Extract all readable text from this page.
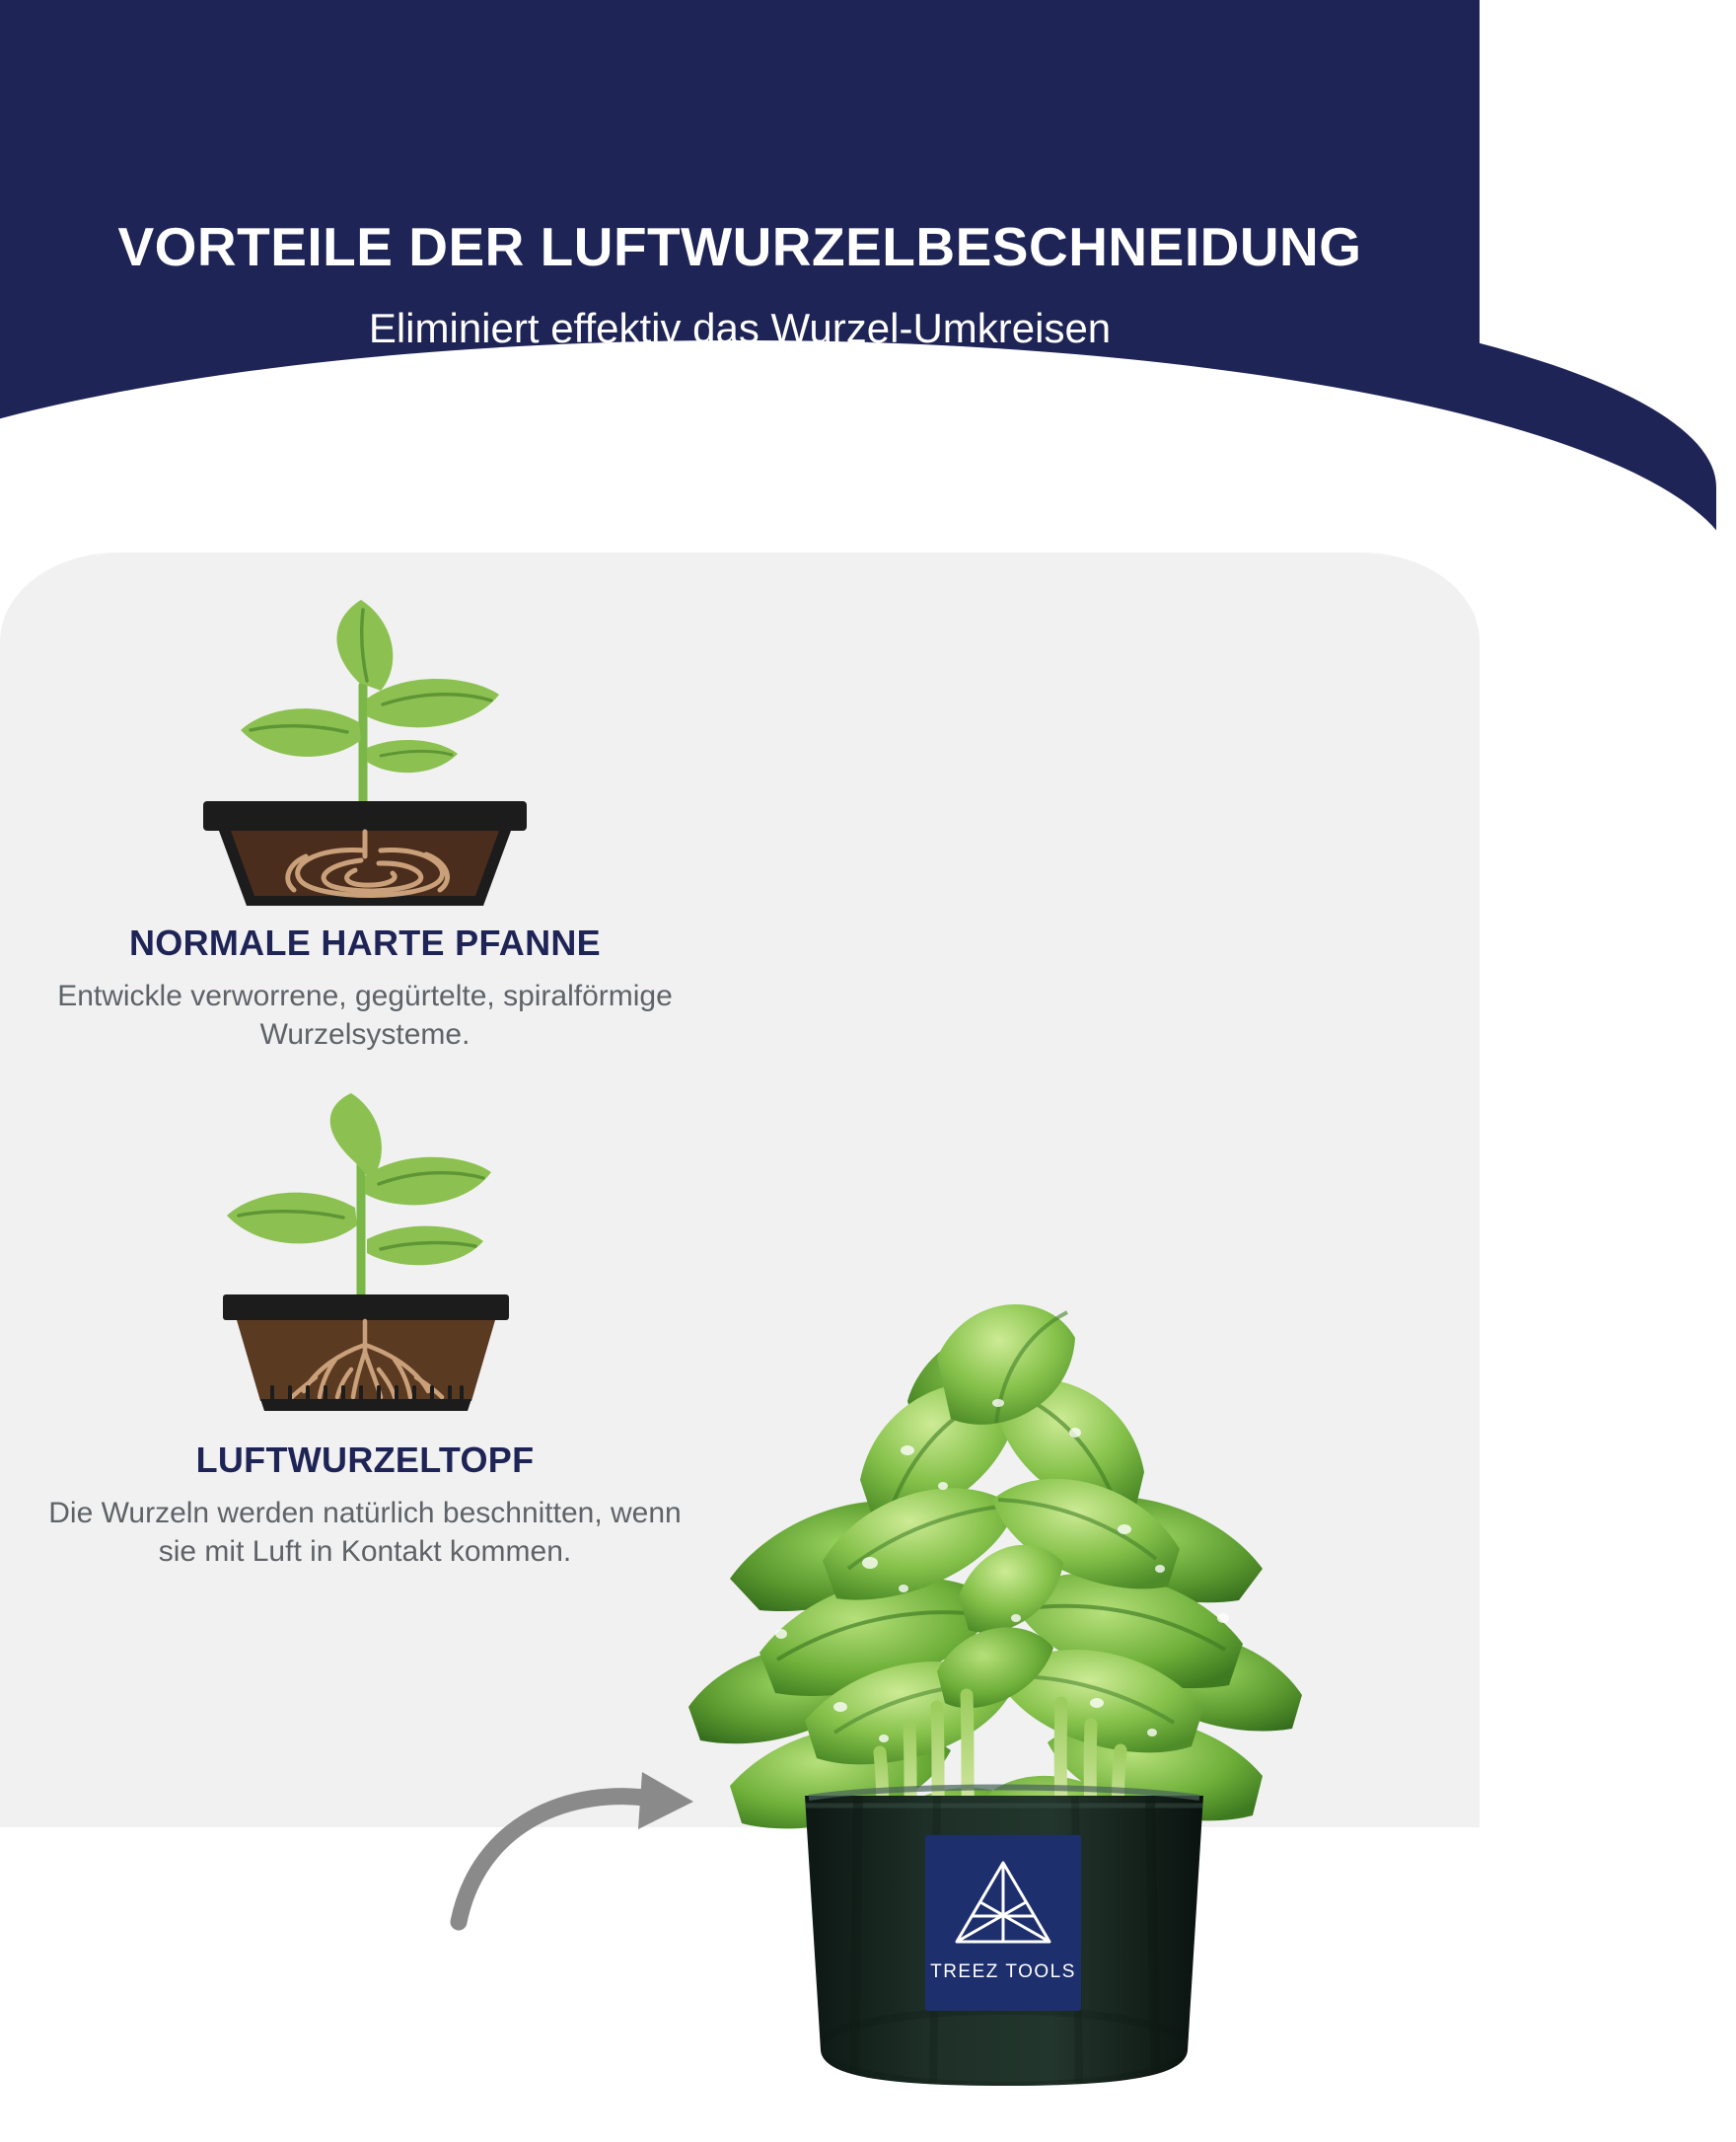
VORTEILE DER LUFTWURZELBESCHNEIDUNG

Eliminiert effektiv das Wurzel-Umkreisen

NORMALE HARTE PFANNE

Entwickle verworrene, gegürtelte, spiralförmige Wurzelsysteme.

LUFTWURZELTOPF

Die Wurzeln werden natürlich beschnitten, wenn sie mit Luft in Kontakt kommen.

TREEZ TOOLS
